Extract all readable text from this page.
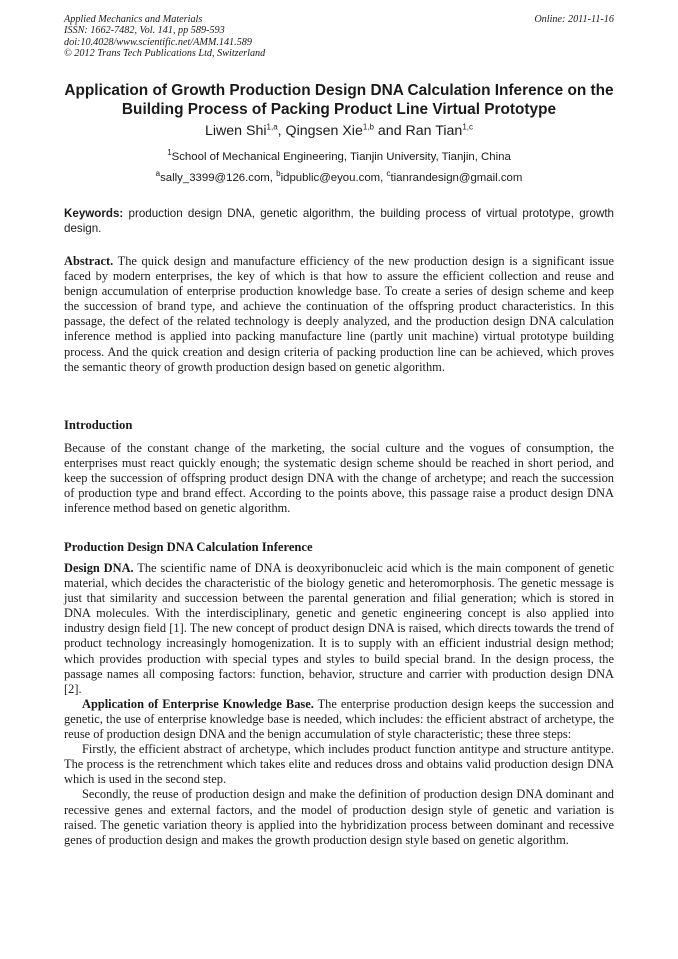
Applied Mechanics and Materials
ISSN: 1662-7482, Vol. 141, pp 589-593
doi:10.4028/www.scientific.net/AMM.141.589
© 2012 Trans Tech Publications Ltd, Switzerland
Online: 2011-11-16
Application of Growth Production Design DNA Calculation Inference on the Building Process of Packing Product Line Virtual Prototype
Liwen Shi$^{1,a}$, Qingsen Xie$^{1,b}$ and Ran Tian$^{1,c}$
$^1$School of Mechanical Engineering, Tianjin University, Tianjin, China
$^a$sally_3399@126.com, $^b$idpublic@eyou.com, $^c$tianrandesign@gmail.com
Keywords: production design DNA, genetic algorithm, the building process of virtual prototype, growth design.
Abstract. The quick design and manufacture efficiency of the new production design is a significant issue faced by modern enterprises, the key of which is that how to assure the efficient collection and reuse and benign accumulation of enterprise production knowledge base. To create a series of design scheme and keep the succession of brand type, and achieve the continuation of the offspring product characteristics. In this passage, the defect of the related technology is deeply analyzed, and the production design DNA calculation inference method is applied into packing manufacture line (partly unit machine) virtual prototype building process. And the quick creation and design criteria of packing production line can be achieved, which proves the semantic theory of growth production design based on genetic algorithm.
Introduction
Because of the constant change of the marketing, the social culture and the vogues of consumption, the enterprises must react quickly enough; the systematic design scheme should be reached in short period, and keep the succession of offspring product design DNA with the change of archetype; and reach the succession of production type and brand effect. According to the points above, this passage raise a product design DNA inference method based on genetic algorithm.
Production Design DNA Calculation Inference

Design DNA. The scientific name of DNA is deoxyribonucleic acid which is the main component of genetic material, which decides the characteristic of the biology genetic and heteromorphosis. The genetic message is just that similarity and succession between the parental generation and filial generation; which is stored in DNA molecules. With the interdisciplinary, genetic and genetic engineering concept is also applied into industry design field [1]. The new concept of product design DNA is raised, which directs towards the trend of product technology increasingly homogenization. It is to supply with an efficient industrial design method; which provides production with special types and styles to build special brand. In the design process, the passage names all composing factors: function, behavior, structure and carrier with production design DNA [2].

Application of Enterprise Knowledge Base. The enterprise production design keeps the succession and genetic, the use of enterprise knowledge base is needed, which includes: the efficient abstract of archetype, the reuse of production design DNA and the benign accumulation of style characteristic; these three steps:

Firstly, the efficient abstract of archetype, which includes product function antitype and structure antitype. The process is the retrenchment which takes elite and reduces dross and obtains valid production design DNA which is used in the second step.

Secondly, the reuse of production design and make the definition of production design DNA dominant and recessive genes and external factors, and the model of production design style of genetic and variation is raised. The genetic variation theory is applied into the hybridization process between dominant and recessive genes of production design and makes the growth production design style based on genetic algorithm.
